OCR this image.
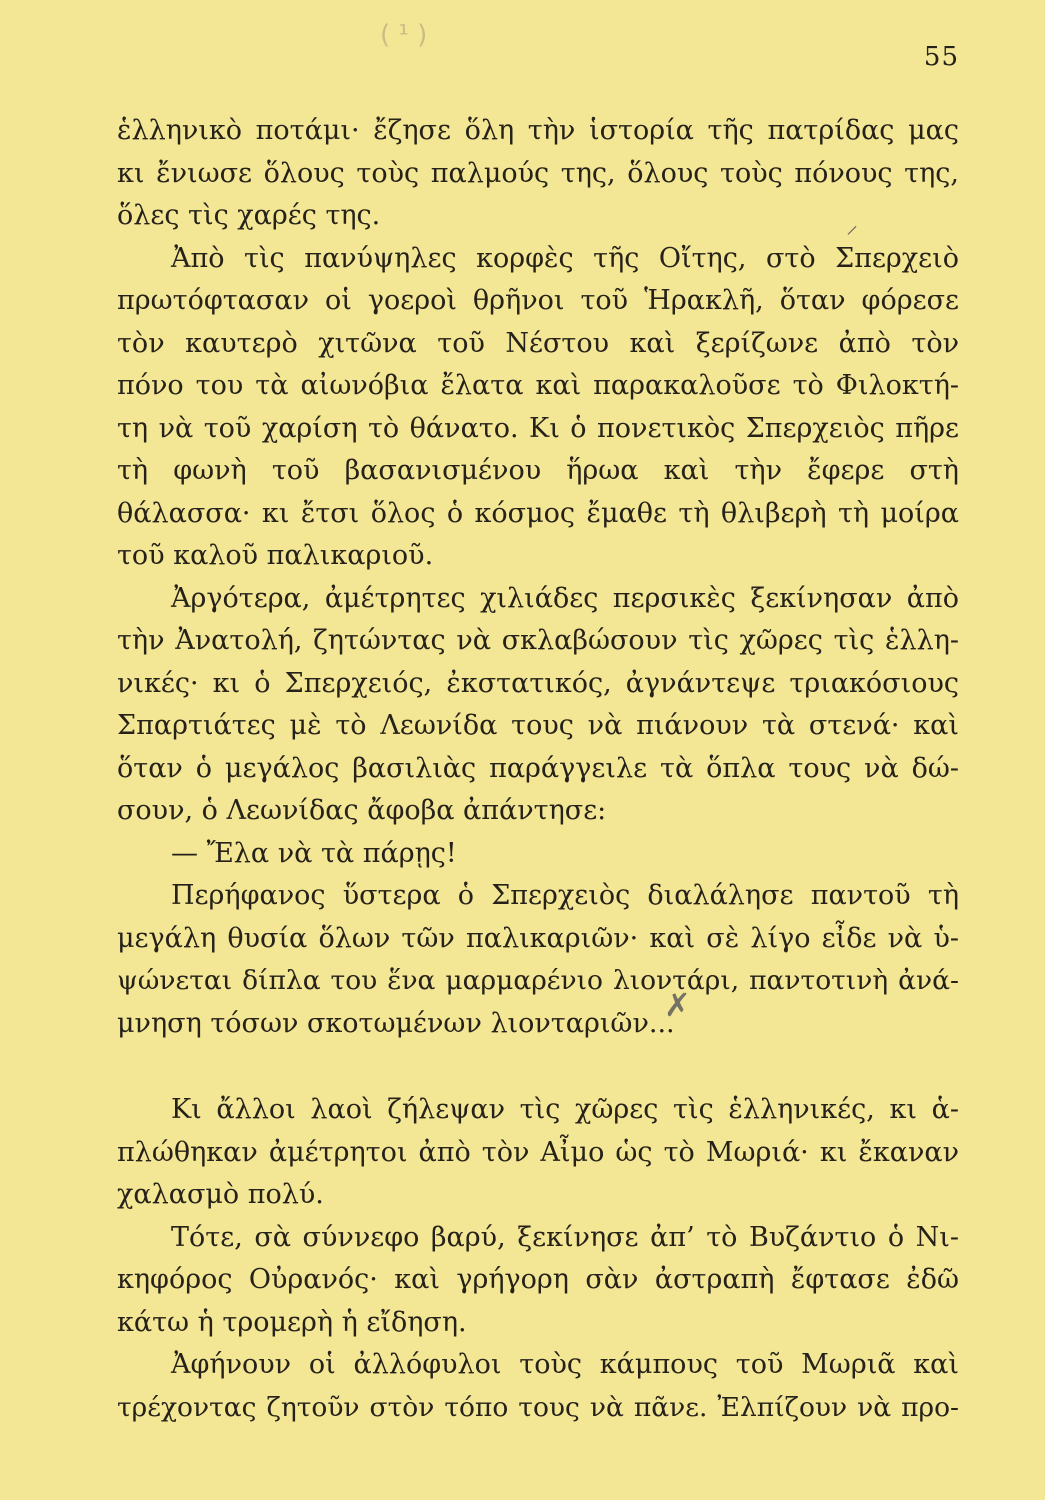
( ¹ )
⸍
✗
55
ἑλληνικὸ ποτάμι· ἔζησε ὅλη τὴν ἱστορία τῆς πατρίδας μας
κι ἔνιωσε ὅλους τοὺς παλμούς της, ὅλους τοὺς πόνους της,
ὅλες τὶς χαρές της.
Ἀπὸ τὶς πανύψηλες κορφὲς τῆς Οἴτης, στὸ Σπερχειὸ
πρωτόφτασαν οἱ γοεροὶ θρῆνοι τοῦ Ἡρακλῆ, ὅταν φόρεσε
τὸν καυτερὸ χιτῶνα τοῦ Νέστου καὶ ξερίζωνε ἀπὸ τὸν
πόνο του τὰ αἰωνόβια ἔλατα καὶ παρακαλοῦσε τὸ Φιλοκτή-
τη νὰ τοῦ χαρίση τὸ θάνατο. Κι ὁ πονετικὸς Σπερχειὸς πῆρε
τὴ φωνὴ τοῦ βασανισμένου ἥρωα καὶ τὴν ἔφερε στὴ
θάλασσα· κι ἔτσι ὅλος ὁ κόσμος ἔμαθε τὴ θλιβερὴ τὴ μοίρα
τοῦ καλοῦ παλικαριοῦ.
Ἀργότερα, ἀμέτρητες χιλιάδες περσικὲς ξεκίνησαν ἀπὸ
τὴν Ἀνατολή, ζητώντας νὰ σκλαβώσουν τὶς χῶρες τὶς ἑλλη-
νικές· κι ὁ Σπερχειός, ἐκστατικός, ἀγνάντεψε τριακόσιους
Σπαρτιάτες μὲ τὸ Λεωνίδα τους νὰ πιάνουν τὰ στενά· καὶ
ὅταν ὁ μεγάλος βασιλιὰς παράγγειλε τὰ ὅπλα τους νὰ δώ-
σουν, ὁ Λεωνίδας ἄφοβα ἀπάντησε:
— Ἔλα νὰ τὰ πάρῃς!
Περήφανος ὕστερα ὁ Σπερχειὸς διαλάλησε παντοῦ τὴ
μεγάλη θυσία ὅλων τῶν παλικαριῶν· καὶ σὲ λίγο εἶδε νὰ ὑ-
ψώνεται δίπλα του ἕνα μαρμαρένιο λιοντάρι, παντοτινὴ ἀνά-
μνηση τόσων σκοτωμένων λιονταριῶν...
Κι ἄλλοι λαοὶ ζήλεψαν τὶς χῶρες τὶς ἑλληνικές, κι ἁ-
πλώθηκαν ἀμέτρητοι ἀπὸ τὸν Αἶμο ὡς τὸ Μωριά· κι ἔκαναν
χαλασμὸ πολύ.
Τότε, σὰ σύννεφο βαρύ, ξεκίνησε ἀπ’ τὸ Βυζάντιο ὁ Νι-
κηφόρος Οὐρανός· καὶ γρήγορη σὰν ἀστραπὴ ἔφτασε ἐδῶ
κάτω ἡ τρομερὴ ἡ εἴδηση.
Ἀφήνουν οἱ ἀλλόφυλοι τοὺς κάμπους τοῦ Μωριᾶ καὶ
τρέχοντας ζητοῦν στὸν τόπο τους νὰ πᾶνε. Ἐλπίζουν νὰ προ-
